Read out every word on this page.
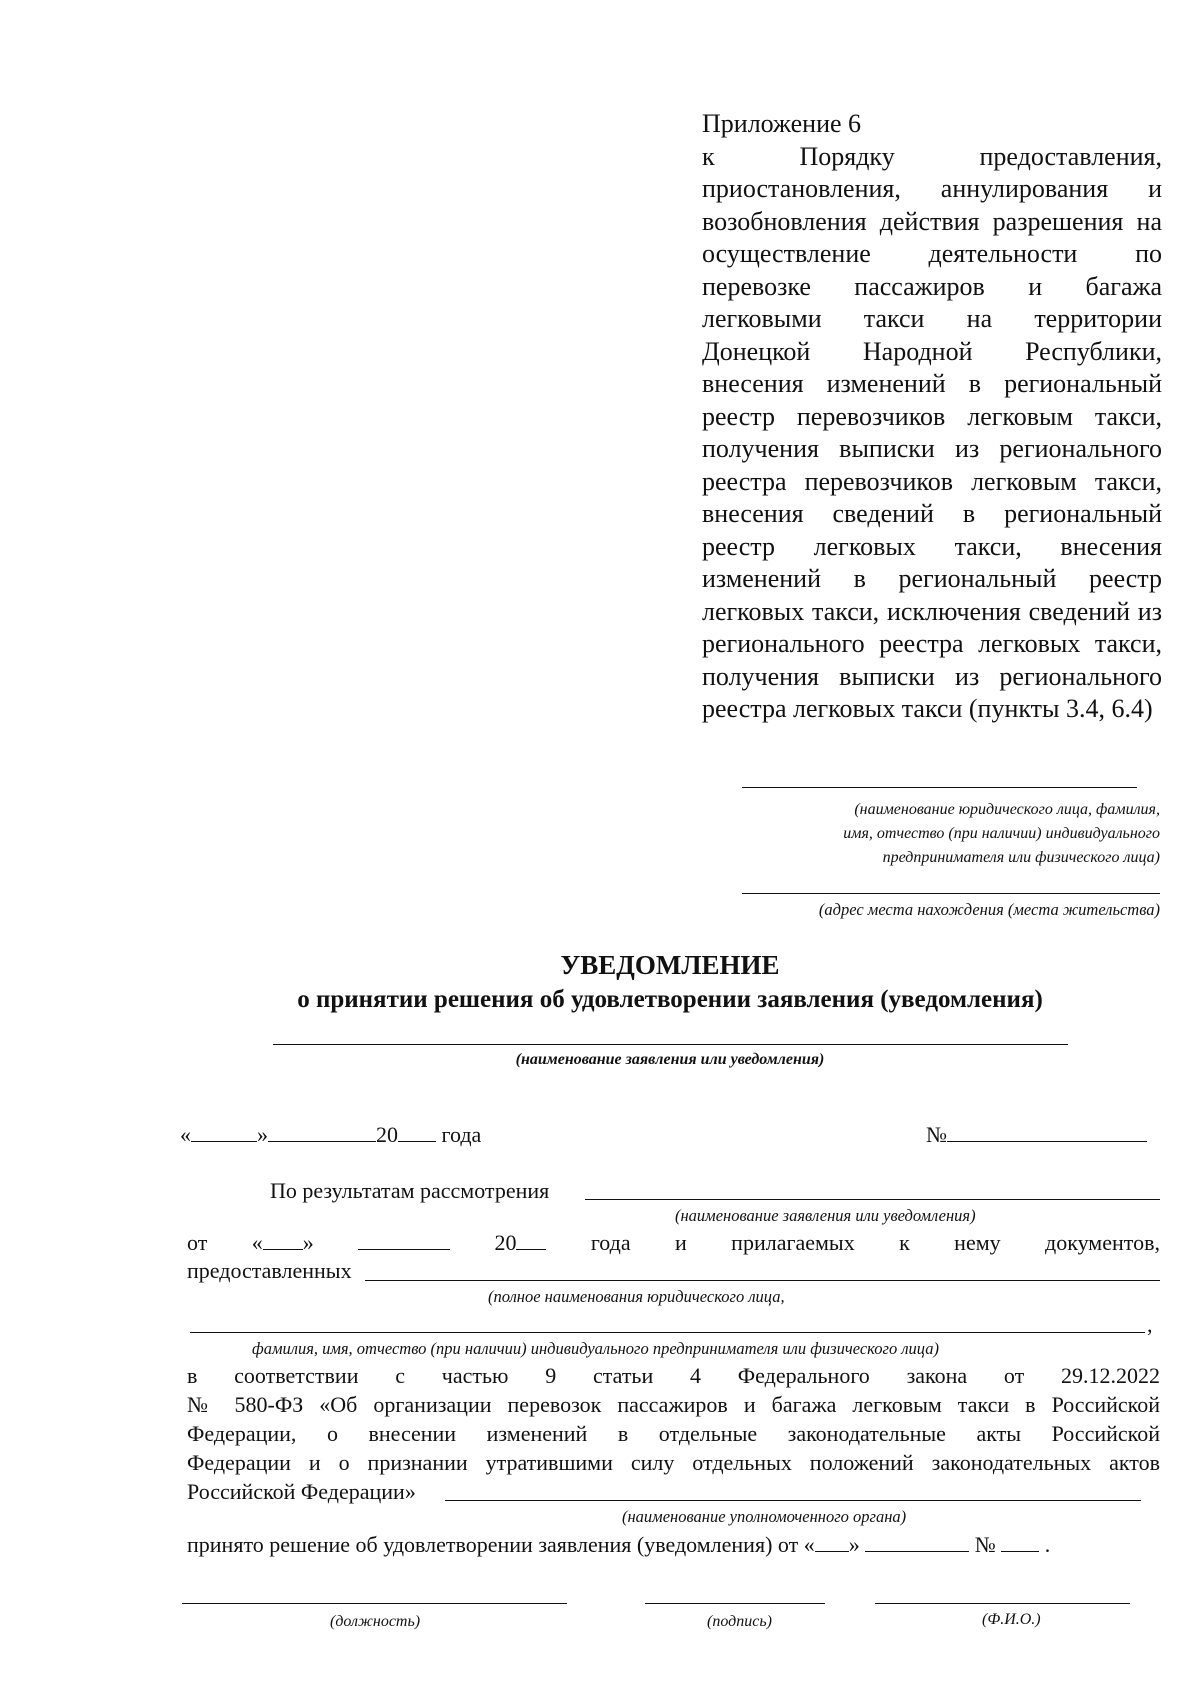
Приложение 6
к Порядку предоставления, приостановления, аннулирования и возобновления действия разрешения на осуществление деятельности по перевозке пассажиров и багажа легковыми такси на территории Донецкой Народной Республики, внесения изменений в региональный реестр перевозчиков легковым такси, получения выписки из регионального реестра перевозчиков легковым такси, внесения сведений в региональный реестр легковых такси, внесения изменений в региональный реестр легковых такси, исключения сведений из регионального реестра легковых такси, получения выписки из регионального реестра легковых такси (пункты 3.4, 6.4)
(наименование юридического лица, фамилия,
имя, отчество (при наличии) индивидуального
предпринимателя или физического лица)
(адрес места нахождения (места жительства)
УВЕДОМЛЕНИЕ
о принятии решения об удовлетворении заявления (уведомления)
(наименование заявления или уведомления)
«	»	20 года	№
По результатам рассмотрения
(наименование заявления или уведомления)
от « »	20	года и прилагаемых к нему документов,
предоставленных
(полное наименования юридического лица,
,
фамилия, имя, отчество (при наличии) индивидуального предпринимателя или физического лица)
в соответствии с частью 9 статьи 4 Федерального закона от 29.12.2022
№ 580-ФЗ «Об организации перевозок пассажиров и багажа легковым такси в Российской
Федерации, о внесении изменений в отдельные законодательные акты Российской
Федерации и о признании утратившими силу отдельных положений законодательных актов
Российской Федерации»
(наименование уполномоченного органа)
принято решение об удовлетворении заявления (уведомления) от « »	№ .
(должность)	(подпись)	(Ф.И.О.)
